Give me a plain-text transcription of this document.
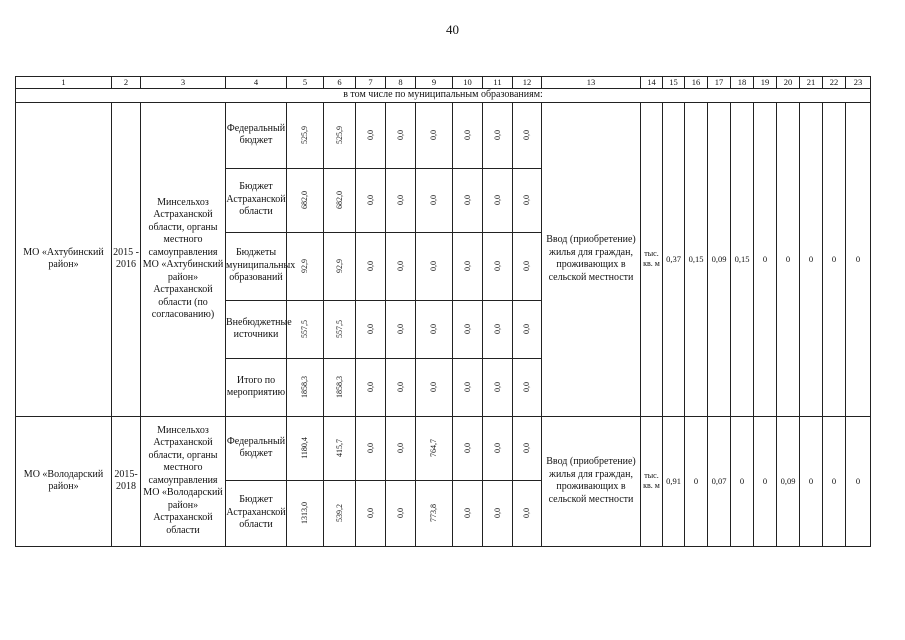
40
1	2	3	4	5	6	7	8	9	10	11	12	13	14	15	16	17	18	19	20	21	22	23
в том числе по муниципальным образованиям:																						
МО «Ахтубинский район»	2015 - 2016	Минсельхоз Астраханской области, органы местного самоуправления МО «Ахтубинский район» Астраханской области (по согласованию)	Федеральный бюджет	525,9	525,9	0,0	0,0	0,0	0,0	0,0	0,0	Ввод (приобретение) жилья для граждан, проживающих в сельской местности	тыс. кв. м	0,37	0,15	0,09	0,15	0	0	0	0	0
			Бюджет Астраханской области	682,0	682,0	0,0	0,0	0,0	0,0	0,0	0,0											
			Бюджеты муниципальных образований	92,9	92,9	0,0	0,0	0,0	0,0	0,0	0,0											
			Внебюджетные источники	557,5	557,5	0,0	0,0	0,0	0,0	0,0	0,0											
			Итого по мероприятию	1858,3	1858,3	0,0	0,0	0,0	0,0	0,0	0,0											
МО «Володарский район»	2015-2018	Минсельхоз Астраханской области, органы местного самоуправления МО «Володарский район» Астраханской области	Федеральный бюджет	1180,4	415,7	0,0	0,0	764,7	0,0	0,0	0,0	Ввод (приобретение) жилья для граждан, проживающих в сельской местности	тыс. кв. м	0,91	0	0,07	0	0	0,09	0	0	0
			Бюджет Астраханской области	1313,0	539,2	0,0	0,0	773,8	0,0	0,0	0,0											
